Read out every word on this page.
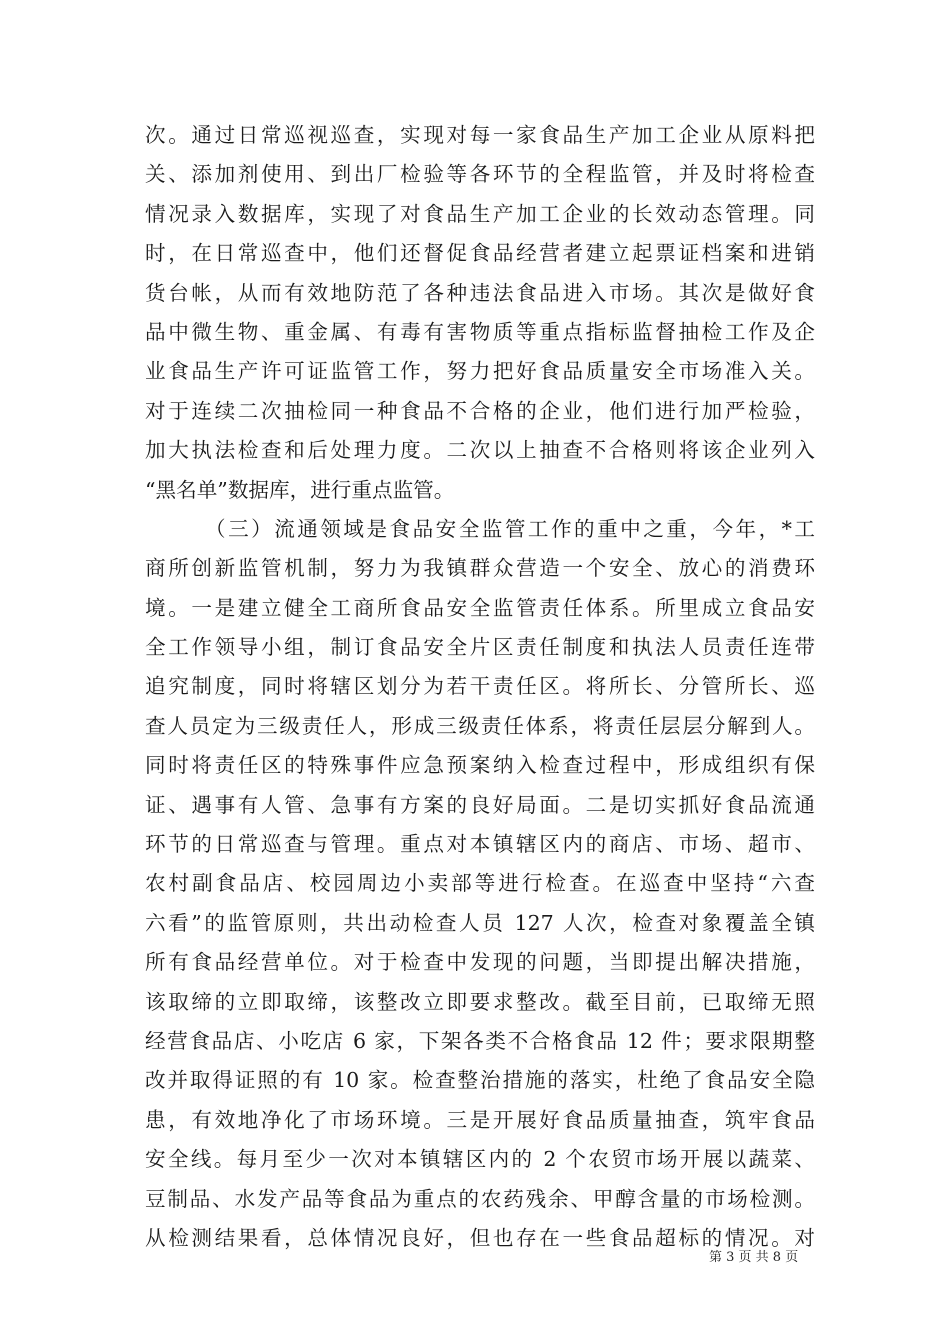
次。通过日常巡视巡查，实现对每一家食品生产加工企业从原料把
关、添加剂使用、到出厂检验等各环节的全程监管，并及时将检查
情况录入数据库，实现了对食品生产加工企业的长效动态管理。同
时，在日常巡查中，他们还督促食品经营者建立起票证档案和进销
货台帐，从而有效地防范了各种违法食品进入市场。其次是做好食
品中微生物、重金属、有毒有害物质等重点指标监督抽检工作及企
业食品生产许可证监管工作，努力把好食品质量安全市场准入关。
对于连续二次抽检同一种食品不合格的企业，他们进行加严检验，
加大执法检查和后处理力度。二次以上抽查不合格则将该企业列入
“黑名单”数据库，进行重点监管。
（三）流通领域是食品安全监管工作的重中之重，今年，*工
商所创新监管机制，努力为我镇群众营造一个安全、放心的消费环
境。一是建立健全工商所食品安全监管责任体系。所里成立食品安
全工作领导小组，制订食品安全片区责任制度和执法人员责任连带
追究制度，同时将辖区划分为若干责任区。将所长、分管所长、巡
查人员定为三级责任人，形成三级责任体系，将责任层层分解到人。
同时将责任区的特殊事件应急预案纳入检查过程中，形成组织有保
证、遇事有人管、急事有方案的良好局面。二是切实抓好食品流通
环节的日常巡查与管理。重点对本镇辖区内的商店、市场、超市、
农村副食品店、校园周边小卖部等进行检查。在巡查中坚持“六查
六看”的监管原则，共出动检查人员 127 人次，检查对象覆盖全镇
所有食品经营单位。对于检查中发现的问题，当即提出解决措施，
该取缔的立即取缔，该整改立即要求整改。截至目前，已取缔无照
经营食品店、小吃店 6 家，下架各类不合格食品 12 件；要求限期整
改并取得证照的有 10 家。检查整治措施的落实，杜绝了食品安全隐
患，有效地净化了市场环境。三是开展好食品质量抽查，筑牢食品
安全线。每月至少一次对本镇辖区内的 2 个农贸市场开展以蔬菜、
豆制品、水发产品等食品为重点的农药残余、甲醇含量的市场检测。
从检测结果看，总体情况良好，但也存在一些食品超标的情况。对
第 3 页 共 8 页
